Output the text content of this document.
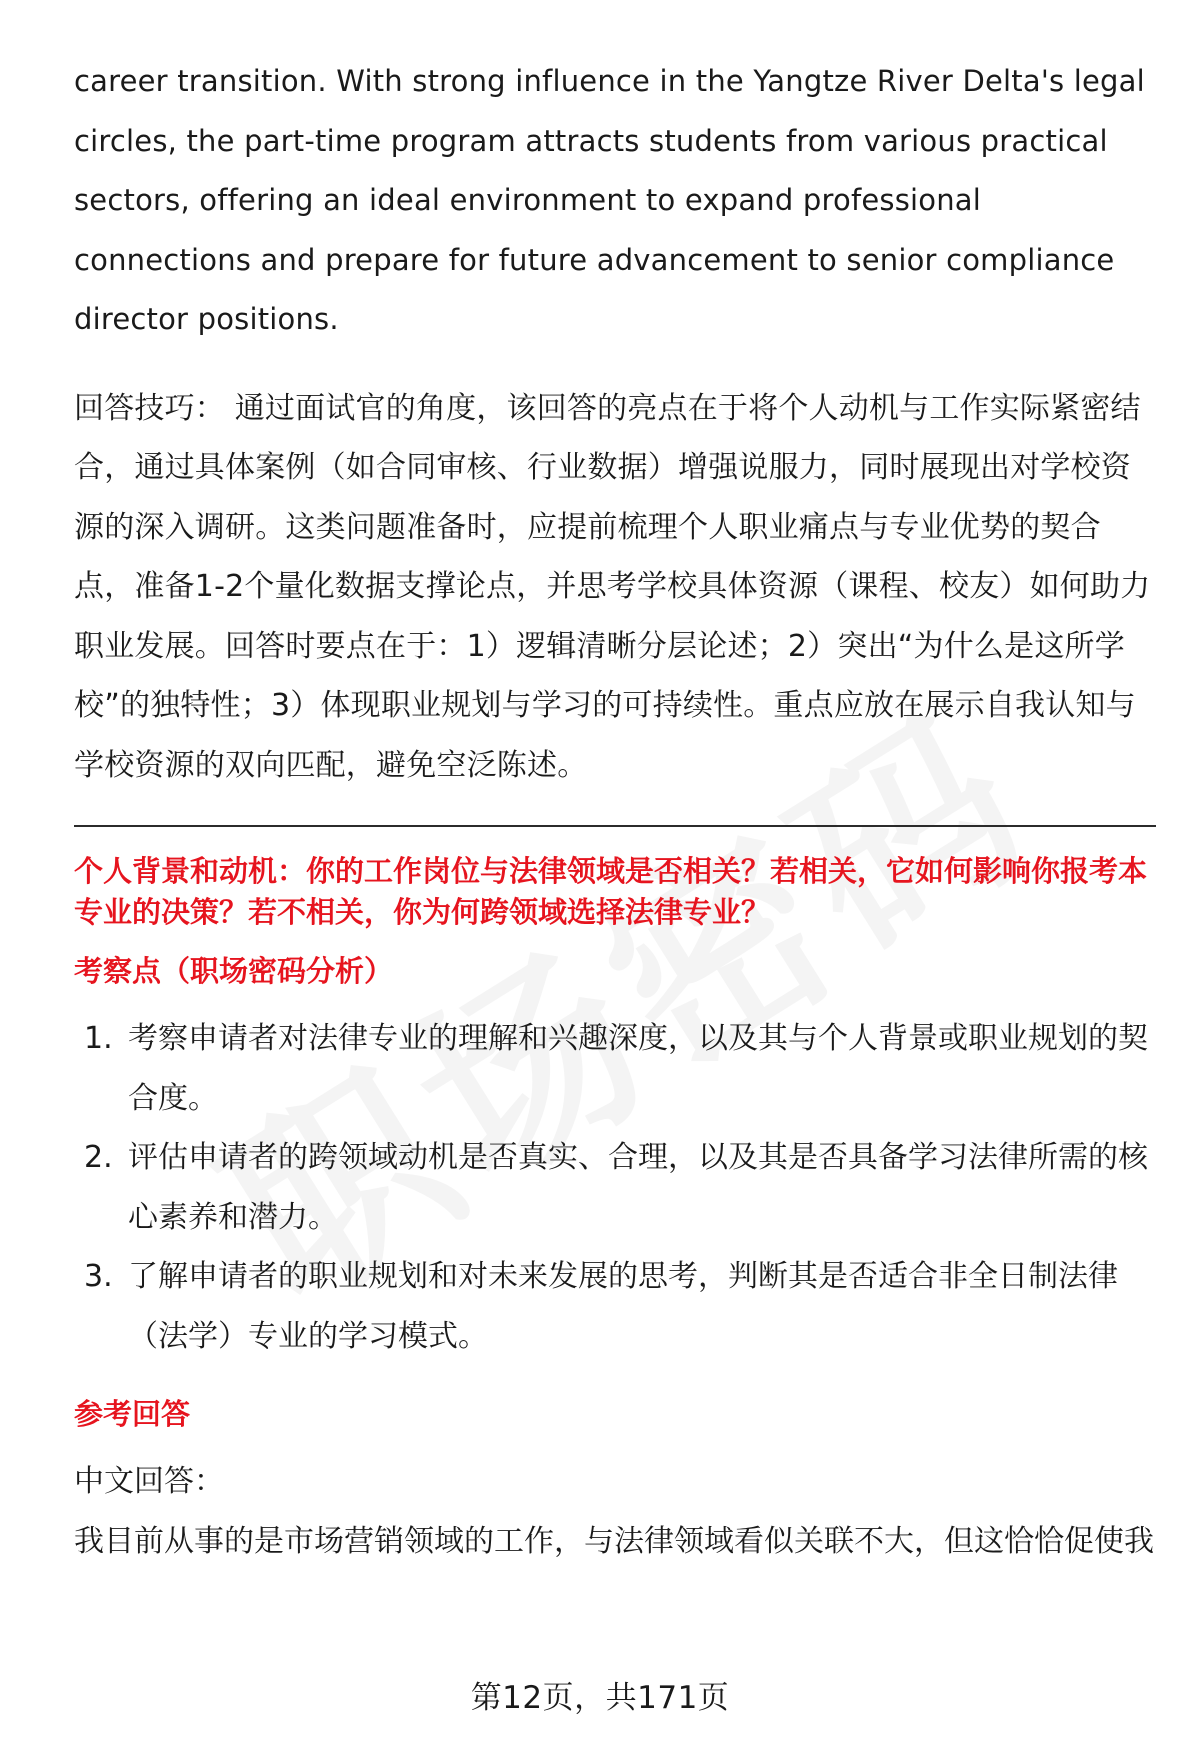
career transition. With strong influence in the Yangtze River Delta's legal circles, the part-time program attracts students from various practical sectors, offering an ideal environment to expand professional connections and prepare for future advancement to senior compliance director positions.

回答技巧： 通过面试官的角度，该回答的亮点在于将个人动机与工作实际紧密结合，通过具体案例（如合同审核、行业数据）增强说服力，同时展现出对学校资源的深入调研。这类问题准备时，应提前梳理个人职业痛点与专业优势的契合点，准备1-2个量化数据支撑论点，并思考学校具体资源（课程、校友）如何助力职业发展。回答时要点在于：1）逻辑清晰分层论述；2）突出“为什么是这所学校”的独特性；3）体现职业规划与学习的可持续性。重点应放在展示自我认知与学校资源的双向匹配，避免空泛陈述。

个人背景和动机：你的工作岗位与法律领域是否相关？若相关，它如何影响你报考本专业的决策？若不相关，你为何跨领域选择法律专业？

考察点（职场密码分析）

1. 考察申请者对法律专业的理解和兴趣深度，以及其与个人背景或职业规划的契合度。
2. 评估申请者的跨领域动机是否真实、合理，以及其是否具备学习法律所需的核心素养和潜力。
3. 了解申请者的职业规划和对未来发展的思考，判断其是否适合非全日制法律（法学）专业的学习模式。

参考回答

中文回答：

我目前从事的是市场营销领域的工作，与法律领域看似关联不大，但这恰恰促使我

第12页，共171页
